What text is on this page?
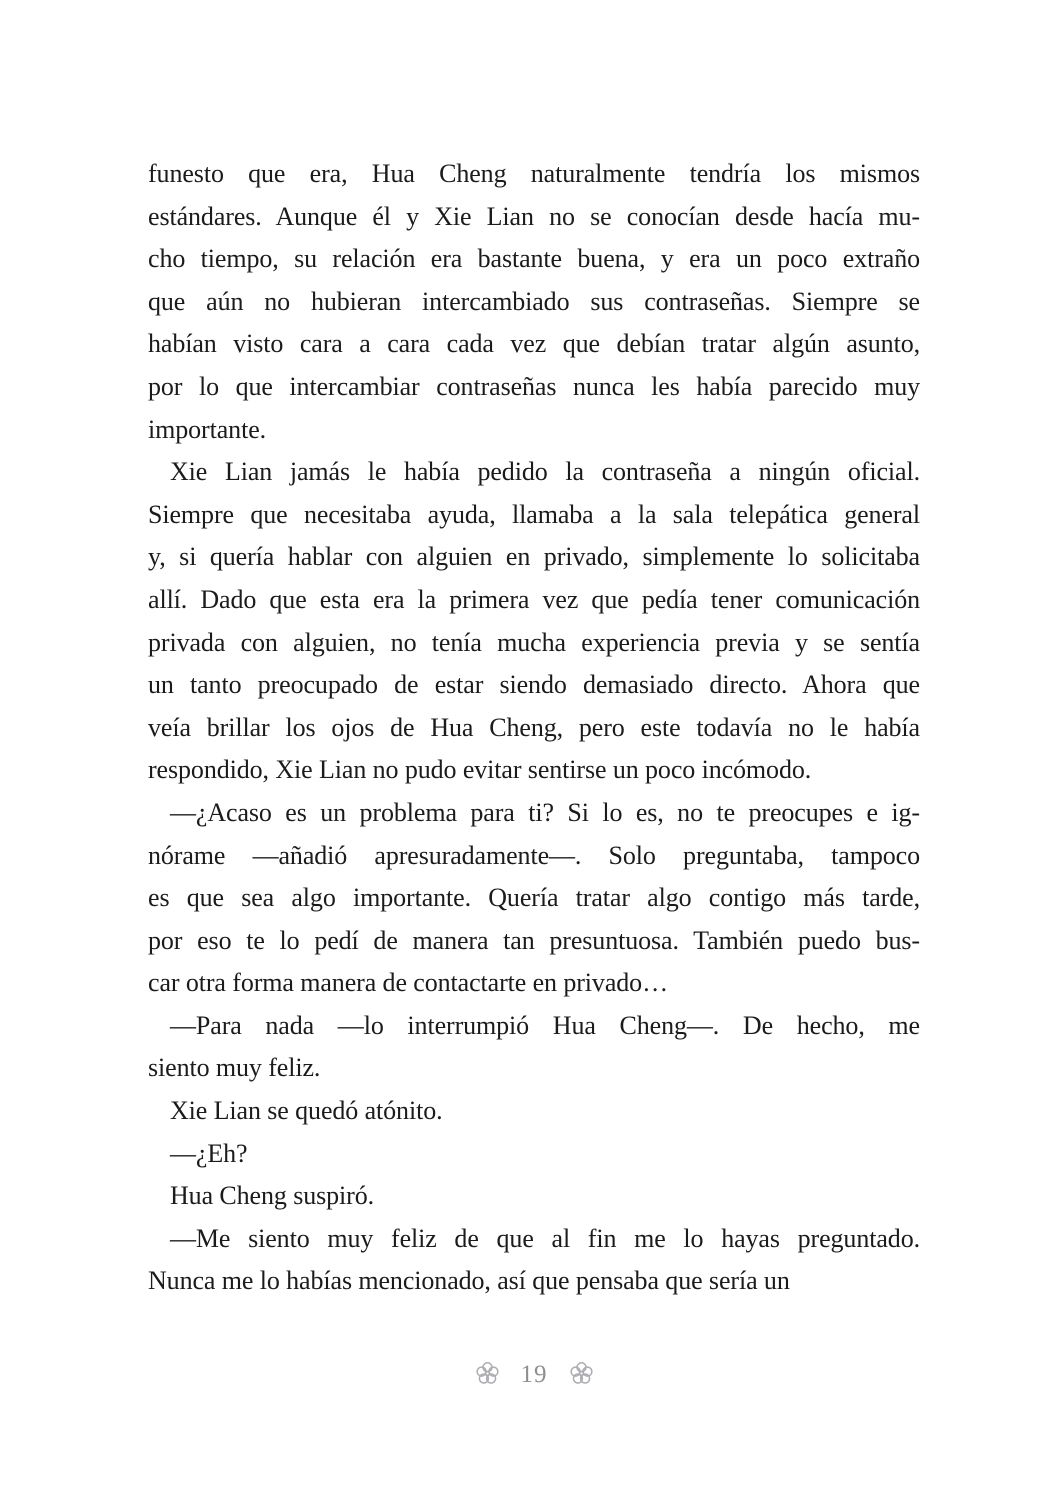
funesto que era, Hua Cheng naturalmente tendría los mismos
estándares. Aunque él y Xie Lian no se conocían desde hacía mu-
cho tiempo, su relación era bastante buena, y era un poco extraño
que aún no hubieran intercambiado sus contraseñas. Siempre se
habían visto cara a cara cada vez que debían tratar algún asunto,
por lo que intercambiar contraseñas nunca les había parecido muy
importante.
Xie Lian jamás le había pedido la contraseña a ningún oficial.
Siempre que necesitaba ayuda, llamaba a la sala telepática general
y, si quería hablar con alguien en privado, simplemente lo solicitaba
allí. Dado que esta era la primera vez que pedía tener comunicación
privada con alguien, no tenía mucha experiencia previa y se sentía
un tanto preocupado de estar siendo demasiado directo. Ahora que
veía brillar los ojos de Hua Cheng, pero este todavía no le había
respondido, Xie Lian no pudo evitar sentirse un poco incómodo.
—¿Acaso es un problema para ti? Si lo es, no te preocupes e ig-
nórame —añadió apresuradamente—. Solo preguntaba, tampoco
es que sea algo importante. Quería tratar algo contigo más tarde,
por eso te lo pedí de manera tan presuntuosa. También puedo bus-
car otra forma manera de contactarte en privado…
—Para nada —lo interrumpió Hua Cheng—. De hecho, me
siento muy feliz.
Xie Lian se quedó atónito.
—¿Eh?
Hua Cheng suspiró.
—Me siento muy feliz de que al fin me lo hayas preguntado.
Nunca me lo habías mencionado, así que pensaba que sería un
19
